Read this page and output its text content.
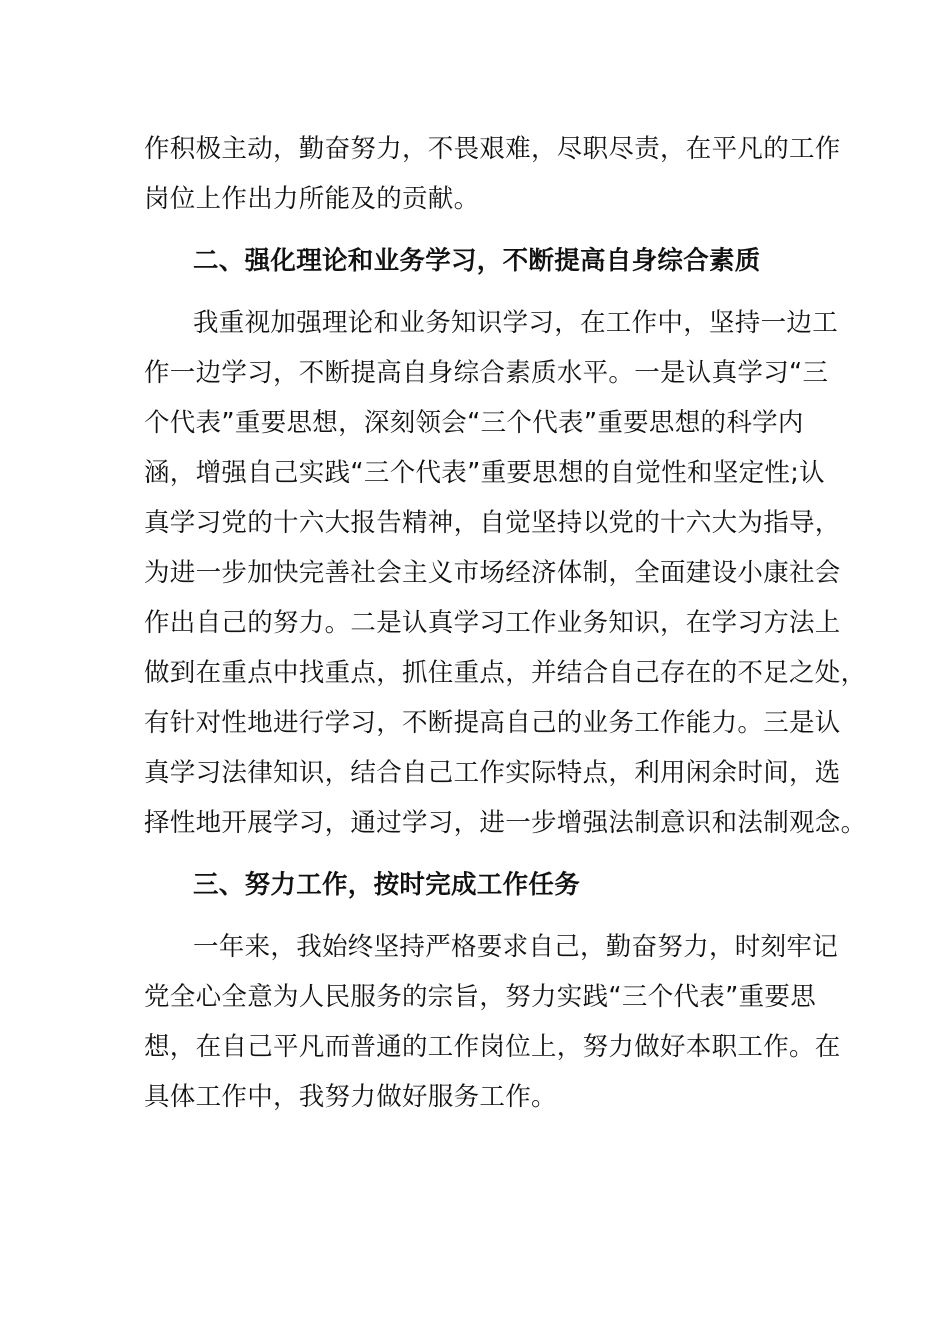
作积极主动，勤奋努力，不畏艰难，尽职尽责，在平凡的工作
岗位上作出力所能及的贡献。
二、强化理论和业务学习，不断提高自身综合素质
我重视加强理论和业务知识学习，在工作中，坚持一边工
作一边学习，不断提高自身综合素质水平。一是认真学习“三
个代表”重要思想，深刻领会“三个代表”重要思想的科学内
涵，增强自己实践“三个代表”重要思想的自觉性和坚定性;认
真学习党的十六大报告精神，自觉坚持以党的十六大为指导，
为进一步加快完善社会主义市场经济体制，全面建设小康社会
作出自己的努力。二是认真学习工作业务知识，在学习方法上
做到在重点中找重点，抓住重点，并结合自己存在的不足之处，
有针对性地进行学习，不断提高自己的业务工作能力。三是认
真学习法律知识，结合自己工作实际特点，利用闲余时间，选
择性地开展学习，通过学习，进一步增强法制意识和法制观念。
三、努力工作，按时完成工作任务
一年来，我始终坚持严格要求自己，勤奋努力，时刻牢记
党全心全意为人民服务的宗旨，努力实践“三个代表”重要思
想，在自己平凡而普通的工作岗位上，努力做好本职工作。在
具体工作中，我努力做好服务工作。
